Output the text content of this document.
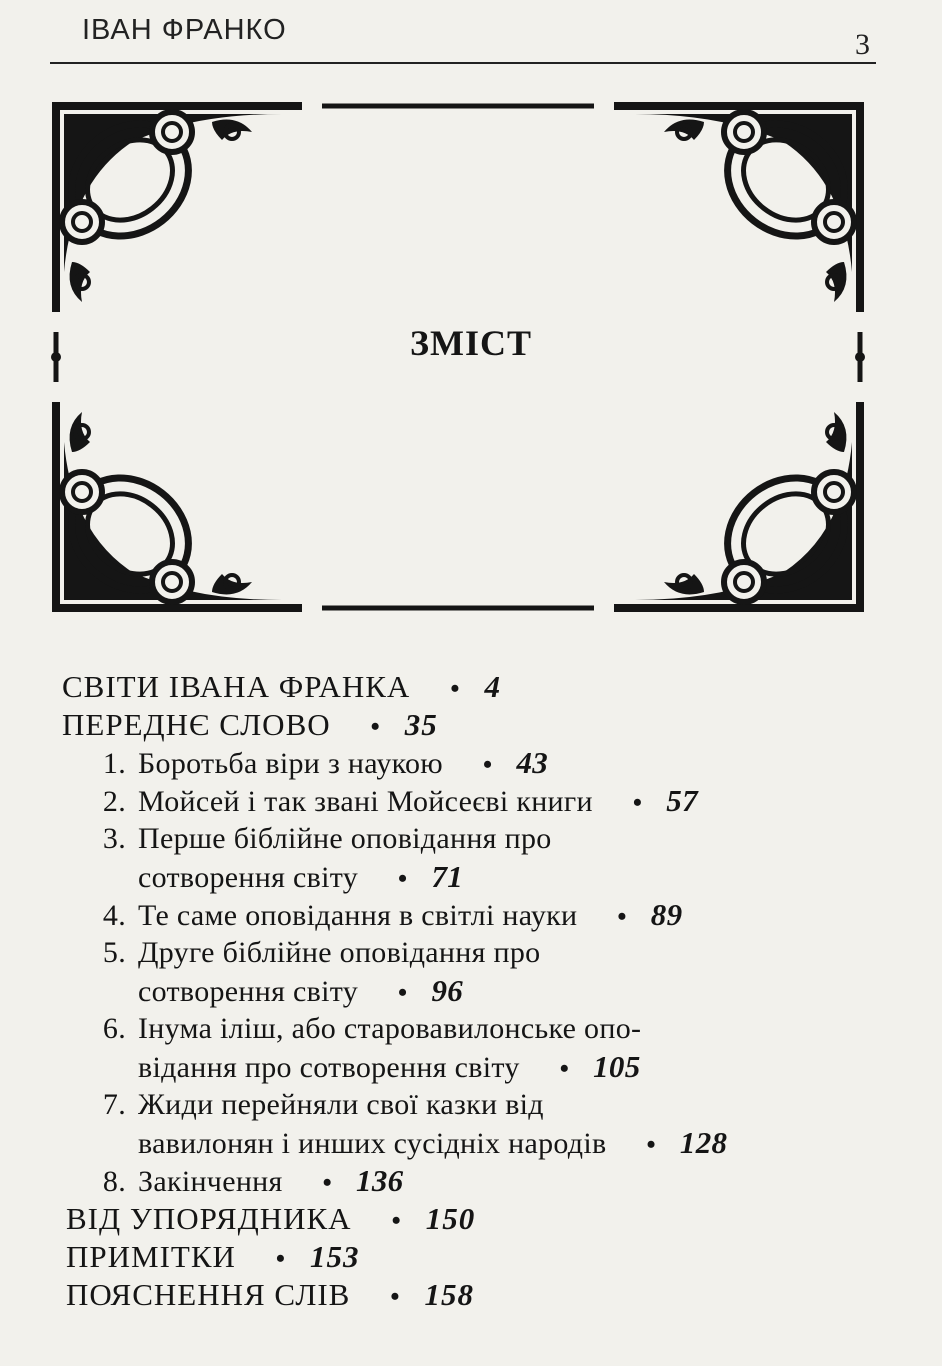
ІВАН ФРАНКО	3
ЗМІСТ
СВІТИ ІВАНА ФРАНКА • 4
ПЕРЕДНЄ СЛОВО • 35
1. Боротьба віри з наукою • 43
2. Мойсей і так звані Мойсеєві книги • 57
3. Перше біблійне оповідання про
сотворення світу • 71
4. Те саме оповідання в світлі науки • 89
5. Друге біблійне оповідання про
сотворення світу • 96
6. Інума іліш, або старовавилонське опо-
відання про сотворення світу • 105
7. Жиди перейняли свої казки від
вавилонян і инших сусідніх народів • 128
8. Закінчення • 136
ВІД УПОРЯДНИКА • 150
ПРИМІТКИ • 153
ПОЯСНЕННЯ СЛІВ • 158
